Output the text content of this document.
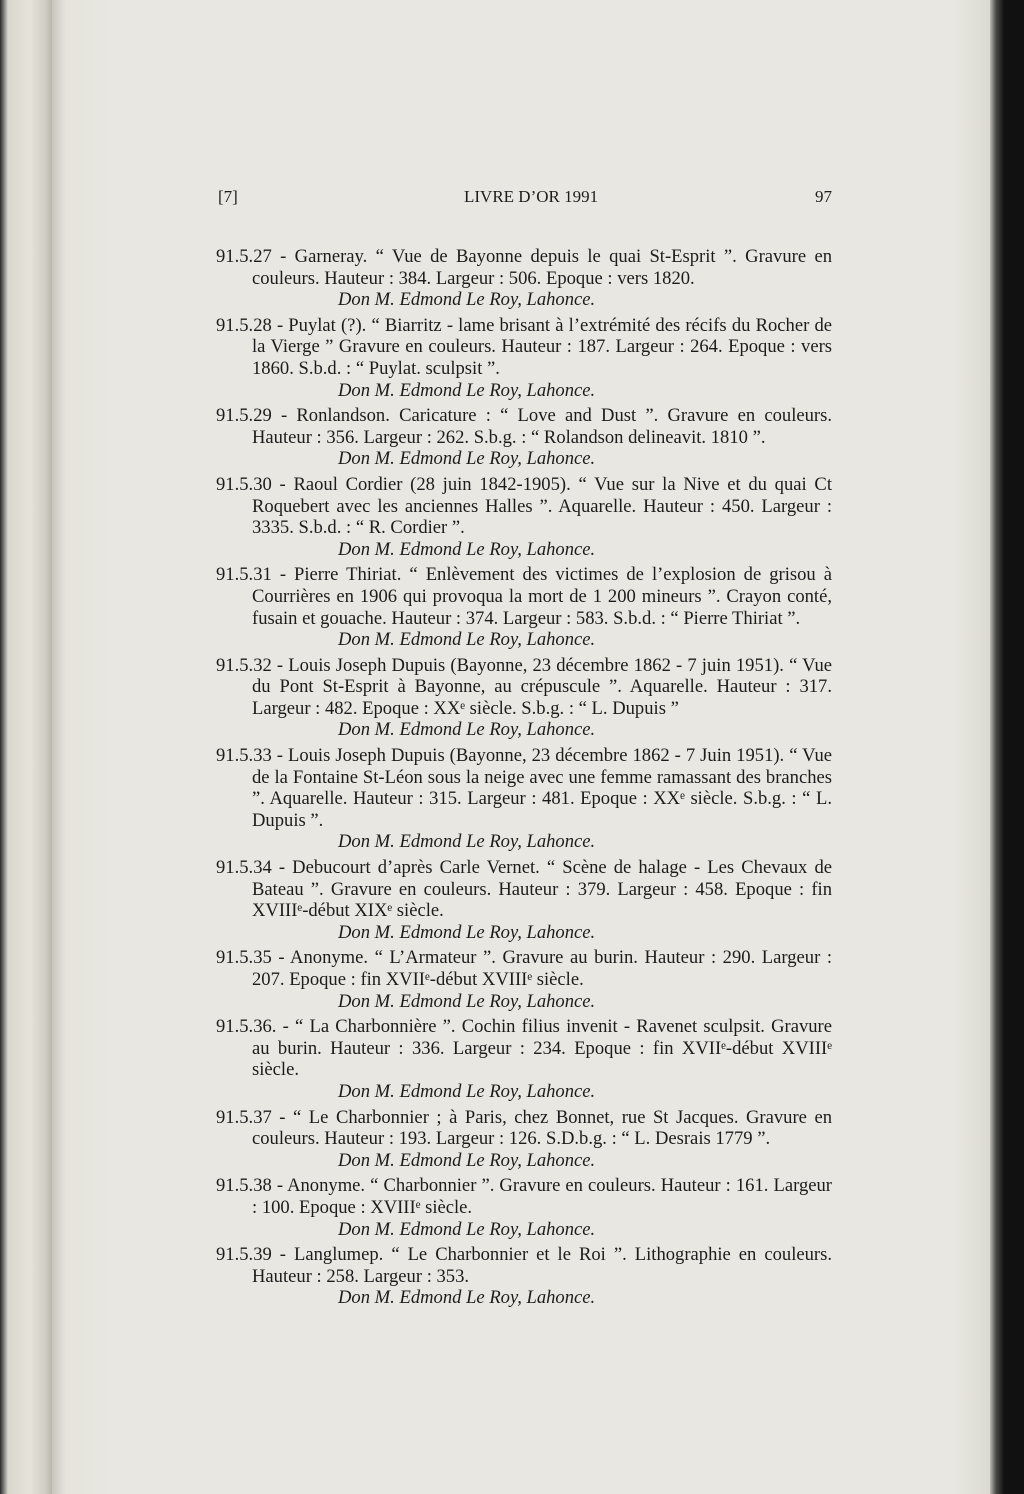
[7]	LIVRE D’OR 1991	97

91.5.27 - Garneray. “ Vue de Bayonne depuis le quai St-Esprit ”. Gravure en couleurs. Hauteur : 384. Largeur : 506. Epoque : vers 1820.

Don M. Edmond Le Roy, Lahonce.

91.5.28 - Puylat (?). “ Biarritz - lame brisant à l’extrémité des récifs du Rocher de la Vierge ” Gravure en couleurs. Hauteur : 187. Largeur : 264. Epoque : vers 1860. S.b.d. : “ Puylat. sculpsit ”.

Don M. Edmond Le Roy, Lahonce.

91.5.29 - Ronlandson. Caricature : “ Love and Dust ”. Gravure en couleurs. Hauteur : 356. Largeur : 262. S.b.g. : “ Rolandson delineavit. 1810 ”.

Don M. Edmond Le Roy, Lahonce.

91.5.30 - Raoul Cordier (28 juin 1842-1905). “ Vue sur la Nive et du quai Ct Roquebert avec les anciennes Halles ”. Aquarelle. Hauteur : 450. Largeur : 3335. S.b.d. : “ R. Cordier ”.

Don M. Edmond Le Roy, Lahonce.

91.5.31 - Pierre Thiriat. “ Enlèvement des victimes de l’explosion de grisou à Courrières en 1906 qui provoqua la mort de 1 200 mineurs ”. Crayon conté, fusain et gouache. Hauteur : 374. Largeur : 583. S.b.d. : “ Pierre Thiriat ”.

Don M. Edmond Le Roy, Lahonce.

91.5.32 - Louis Joseph Dupuis (Bayonne, 23 décembre 1862 - 7 juin 1951). “ Vue du Pont St-Esprit à Bayonne, au crépuscule ”. Aquarelle. Hauteur : 317. Largeur : 482. Epoque : XXᵉ siècle. S.b.g. : “ L. Dupuis ”

Don M. Edmond Le Roy, Lahonce.

91.5.33 - Louis Joseph Dupuis (Bayonne, 23 décembre 1862 - 7 Juin 1951). “ Vue de la Fontaine St-Léon sous la neige avec une femme ramassant des branches ”. Aquarelle. Hauteur : 315. Largeur : 481. Epoque : XXᵉ siècle. S.b.g. : “ L. Dupuis ”.

Don M. Edmond Le Roy, Lahonce.

91.5.34 - Debucourt d’après Carle Vernet. “ Scène de halage - Les Chevaux de Bateau ”. Gravure en couleurs. Hauteur : 379. Largeur : 458. Epoque : fin XVIIIᵉ-début XIXᵉ siècle.

Don M. Edmond Le Roy, Lahonce.

91.5.35 - Anonyme. “ L’Armateur ”. Gravure au burin. Hauteur : 290. Largeur : 207. Epoque : fin XVIIᵉ-début XVIIIᵉ siècle.

Don M. Edmond Le Roy, Lahonce.

91.5.36. - “ La Charbonnière ”. Cochin filius invenit - Ravenet sculpsit. Gravure au burin. Hauteur : 336. Largeur : 234. Epoque : fin XVIIᵉ-début XVIIIᵉ siècle.

Don M. Edmond Le Roy, Lahonce.

91.5.37 - “ Le Charbonnier ; à Paris, chez Bonnet, rue St Jacques. Gravure en couleurs. Hauteur : 193. Largeur : 126. S.D.b.g. : “ L. Desrais 1779 ”.

Don M. Edmond Le Roy, Lahonce.

91.5.38 - Anonyme. “ Charbonnier ”. Gravure en couleurs. Hauteur : 161. Largeur : 100. Epoque : XVIIIᵉ siècle.

Don M. Edmond Le Roy, Lahonce.

91.5.39 - Langlumep. “ Le Charbonnier et le Roi ”. Lithographie en couleurs. Hauteur : 258. Largeur : 353.

Don M. Edmond Le Roy, Lahonce.
